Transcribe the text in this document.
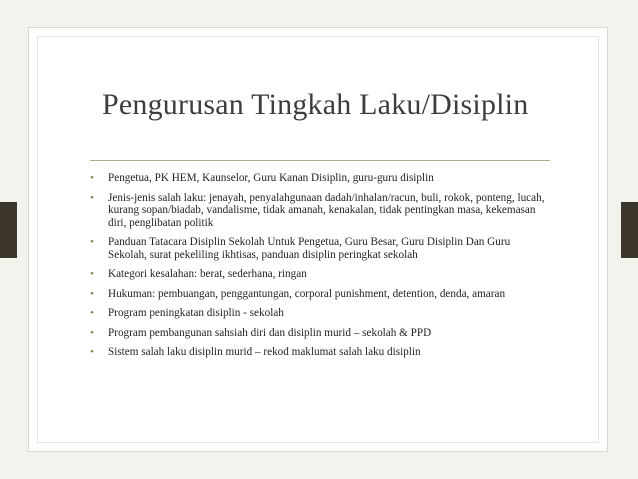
Pengurusan Tingkah Laku/Disiplin
• Pengetua, PK HEM, Kaunselor, Guru Kanan Disiplin, guru-guru disiplin
• Jenis-jenis salah laku: jenayah, penyalahgunaan dadah/inhalan/racun, buli, rokok, ponteng, lucah, kurang sopan/biadab, vandalisme, tidak amanah, kenakalan, tidak pentingkan masa, kekemasan diri, penglibatan politik
• Panduan Tatacara Disiplin Sekolah Untuk Pengetua, Guru Besar, Guru Disiplin Dan Guru Sekolah, surat pekeliling ikhtisas, panduan disiplin peringkat sekolah
• Kategori kesalahan: berat, sederhana, ringan
• Hukuman: pembuangan, penggantungan, corporal punishment, detention, denda, amaran
• Program peningkatan disiplin - sekolah
• Program pembangunan sahsiah diri dan disiplin murid – sekolah & PPD
• Sistem salah laku disiplin murid – rekod maklumat salah laku disiplin
